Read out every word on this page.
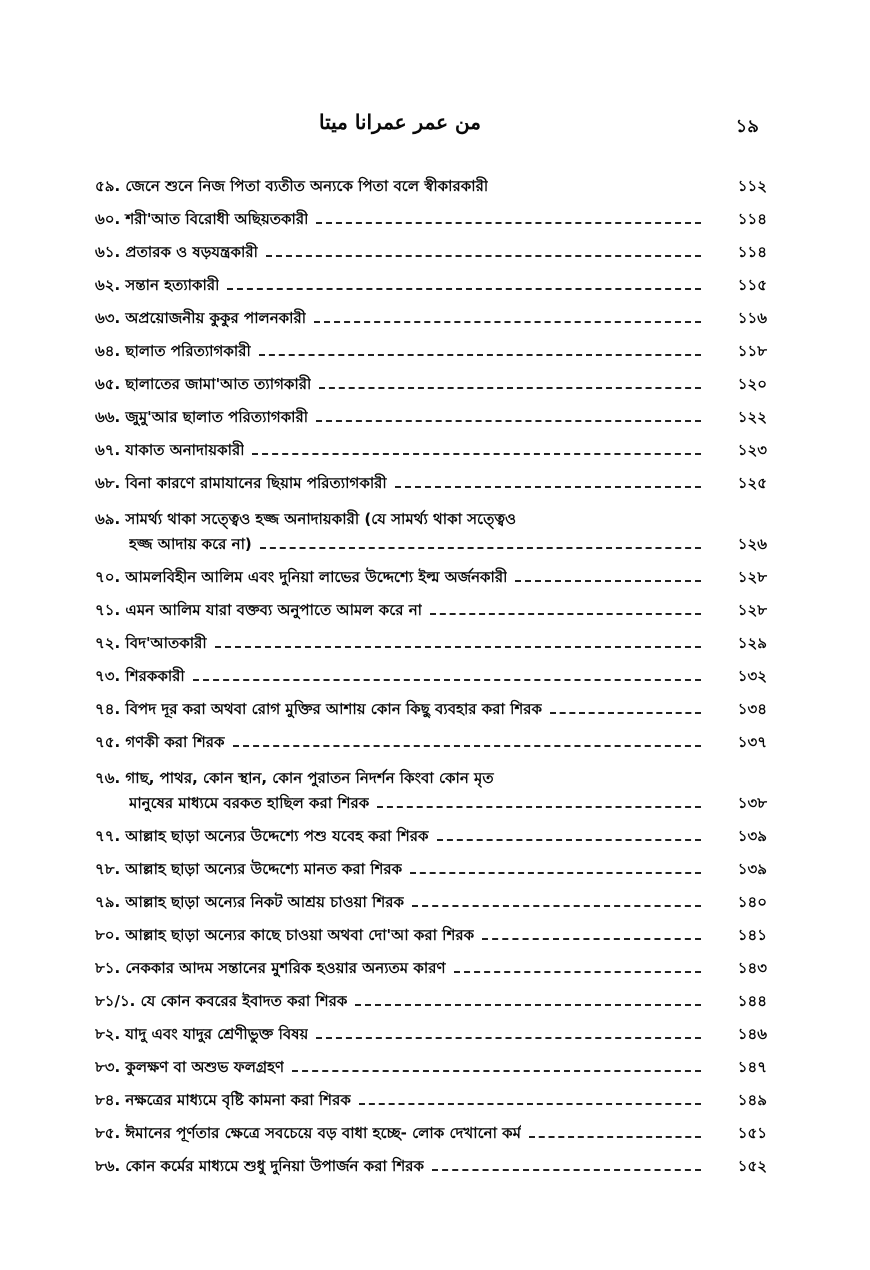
من عمر عمرانا ميتا	১৯
৫৯. জেনে শুনে নিজ পিতা ব্যতীত অন্যকে পিতা বলে স্বীকারকারী	১১২
৬০. শরী'আত বিরোধী অছিয়তকারী	১১৪
৬১. প্রতারক ও ষড়যন্ত্রকারী	১১৪
৬২. সন্তান হত্যাকারী	১১৫
৬৩. অপ্রয়োজনীয় কুকুর পালনকারী	১১৬
৬৪. ছালাত পরিত্যাগকারী	১১৮
৬৫. ছালাতের জামা'আত ত্যাগকারী	১২০
৬৬. জুমু'আর ছালাত পরিত্যাগকারী	১২২
৬৭. যাকাত অনাদায়কারী	১২৩
৬৮. বিনা কারণে রামাযানের ছিয়াম পরিত্যাগকারী	১২৫
৬৯. সামর্থ্য থাকা সত্ত্বেও হজ্জ অনাদায়কারী (যে সামর্থ্য থাকা সত্ত্বেও
হজ্জ আদায় করে না)	১২৬
৭০. আমলবিহীন আলিম এবং দুনিয়া লাভের উদ্দেশ্যে ইল্ম অর্জনকারী	১২৮
৭১. এমন আলিম যারা বক্তব্য অনুপাতে আমল করে না	১২৮
৭২. বিদ'আতকারী	১২৯
৭৩. শিরককারী	১৩২
৭৪. বিপদ দূর করা অথবা রোগ মুক্তির আশায় কোন কিছু ব্যবহার করা শিরক	১৩৪
৭৫. গণকী করা শিরক	১৩৭
৭৬. গাছ, পাথর, কোন স্থান, কোন পুরাতন নিদর্শন কিংবা কোন মৃত
মানুষের মাধ্যমে বরকত হাছিল করা শিরক	১৩৮
৭৭. আল্লাহ ছাড়া অন্যের উদ্দেশ্যে পশু যবেহ করা শিরক	১৩৯
৭৮. আল্লাহ ছাড়া অন্যের উদ্দেশ্যে মানত করা শিরক	১৩৯
৭৯. আল্লাহ ছাড়া অন্যের নিকট আশ্রয় চাওয়া শিরক	১৪০
৮০. আল্লাহ ছাড়া অন্যের কাছে চাওয়া অথবা দো'আ করা শিরক	১৪১
৮১. নেককার আদম সন্তানের মুশরিক হওয়ার অন্যতম কারণ	১৪৩
৮১/১. যে কোন কবরের ইবাদত করা শিরক	১৪৪
৮২. যাদু এবং যাদুর শ্রেণীভুক্ত বিষয়	১৪৬
৮৩. কুলক্ষণ বা অশুভ ফলগ্রহণ	১৪৭
৮৪. নক্ষত্রের মাধ্যমে বৃষ্টি কামনা করা শিরক	১৪৯
৮৫. ঈমানের পূর্ণতার ক্ষেত্রে সবচেয়ে বড় বাধা হচ্ছে- লোক দেখানো কর্ম	১৫১
৮৬. কোন কর্মের মাধ্যমে শুধু দুনিয়া উপার্জন করা শিরক	১৫২
